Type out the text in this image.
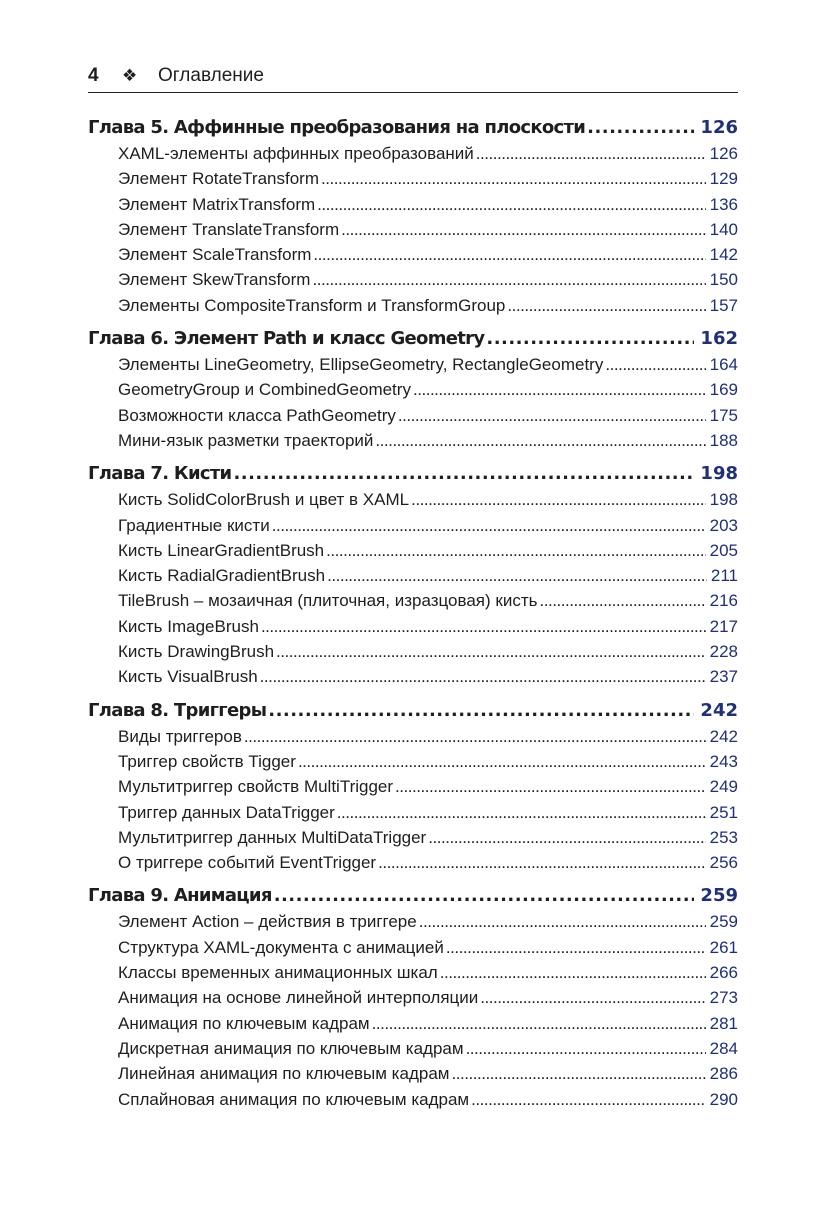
4	❖	Оглавление
Глава 5. Аффинные преобразования на плоскости . . .	126
XAML-элементы аффинных преобразований . . .	126
Элемент RotateTransform . . .	129
Элемент MatrixTransform . . .	136
Элемент TranslateTransform . . .	140
Элемент ScaleTransform . . .	142
Элемент SkewTransform . . .	150
Элементы CompositeTransform и TransformGroup . . .	157
Глава 6. Элемент Path и класс Geometry . . .	162
Элементы LineGeometry, EllipseGeometry, RectangleGeometry . . .	164
GeometryGroup и CombinedGeometry . . .	169
Возможности класса PathGeometry . . .	175
Мини-язык разметки траекторий . . .	188
Глава 7. Кисти . . .	198
Кисть SolidColorBrush и цвет в XAML . . .	198
Градиентные кисти . . .	203
Кисть LinearGradientBrush . . .	205
Кисть RadialGradientBrush . . .	211
TileBrush – мозаичная (плиточная, изразцовая) кисть . . .	216
Кисть ImageBrush . . .	217
Кисть DrawingBrush . . .	228
Кисть VisualBrush . . .	237
Глава 8. Триггеры . . .	242
Виды триггеров . . .	242
Триггер свойств Tigger . . .	243
Мультитриггер свойств MultiTrigger . . .	249
Триггер данных DataTrigger . . .	251
Мультитриггер данных MultiDataTrigger . . .	253
О триггере событий EventTrigger . . .	256
Глава 9. Анимация . . .	259
Элемент Action – действия в триггере . . .	259
Структура XAML-документа с анимацией . . .	261
Классы временных анимационных шкал . . .	266
Анимация на основе линейной интерполяции . . .	273
Анимация по ключевым кадрам . . .	281
Дискретная анимация по ключевым кадрам . . .	284
Линейная анимация по ключевым кадрам . . .	286
Сплайновая анимация по ключевым кадрам . . .	290
